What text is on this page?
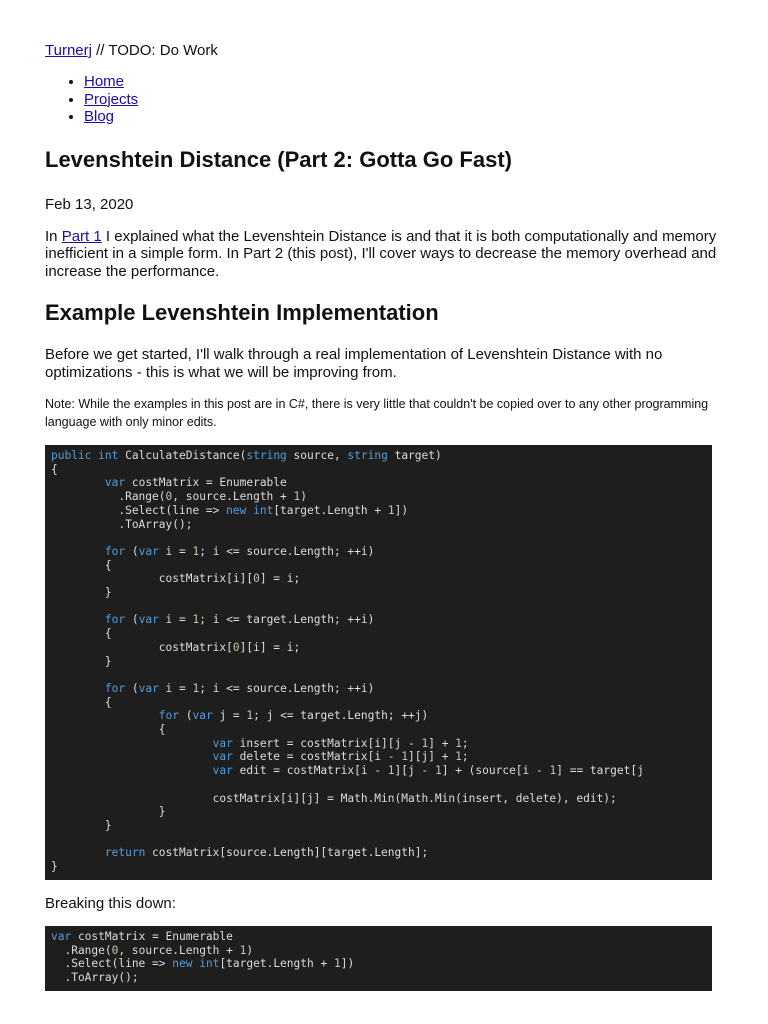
Turnerj // TODO: Do Work

• Home
• Projects
• Blog
Levenshtein Distance (Part 2: Gotta Go Fast)

Feb 13, 2020

In Part 1 I explained what the Levenshtein Distance is and that it is both computationally and memory inefficient in a simple form. In Part 2 (this post), I'll cover ways to decrease the memory overhead and increase the performance.

Example Levenshtein Implementation

Before we get started, I'll walk through a real implementation of Levenshtein Distance with no optimizations - this is what we will be improving from.

Note: While the examples in this post are in C#, there is very little that couldn't be copied over to any other programming language with only minor edits.

public int CalculateDistance(string source, string target)
{
var costMatrix = Enumerable
.Range(0, source.Length + 1)
.Select(line => new int[target.Length + 1])
.ToArray();

for (var i = 1; i <= source.Length; ++i)
{
costMatrix[i][0] = i;
}

for (var i = 1; i <= target.Length; ++i)
{
costMatrix[0][i] = i;
}

for (var i = 1; i <= source.Length; ++i)
{
for (var j = 1; j <= target.Length; ++j)
{
var insert = costMatrix[i][j - 1] + 1;
var delete = costMatrix[i - 1][j] + 1;
var edit = costMatrix[i - 1][j - 1] + (source[i - 1] == target[j

costMatrix[i][j] = Math.Min(Math.Min(insert, delete), edit);
}
}

return costMatrix[source.Length][target.Length];
}

Breaking this down:

var costMatrix = Enumerable
.Range(0, source.Length + 1)
.Select(line => new int[target.Length + 1])
.ToArray();
